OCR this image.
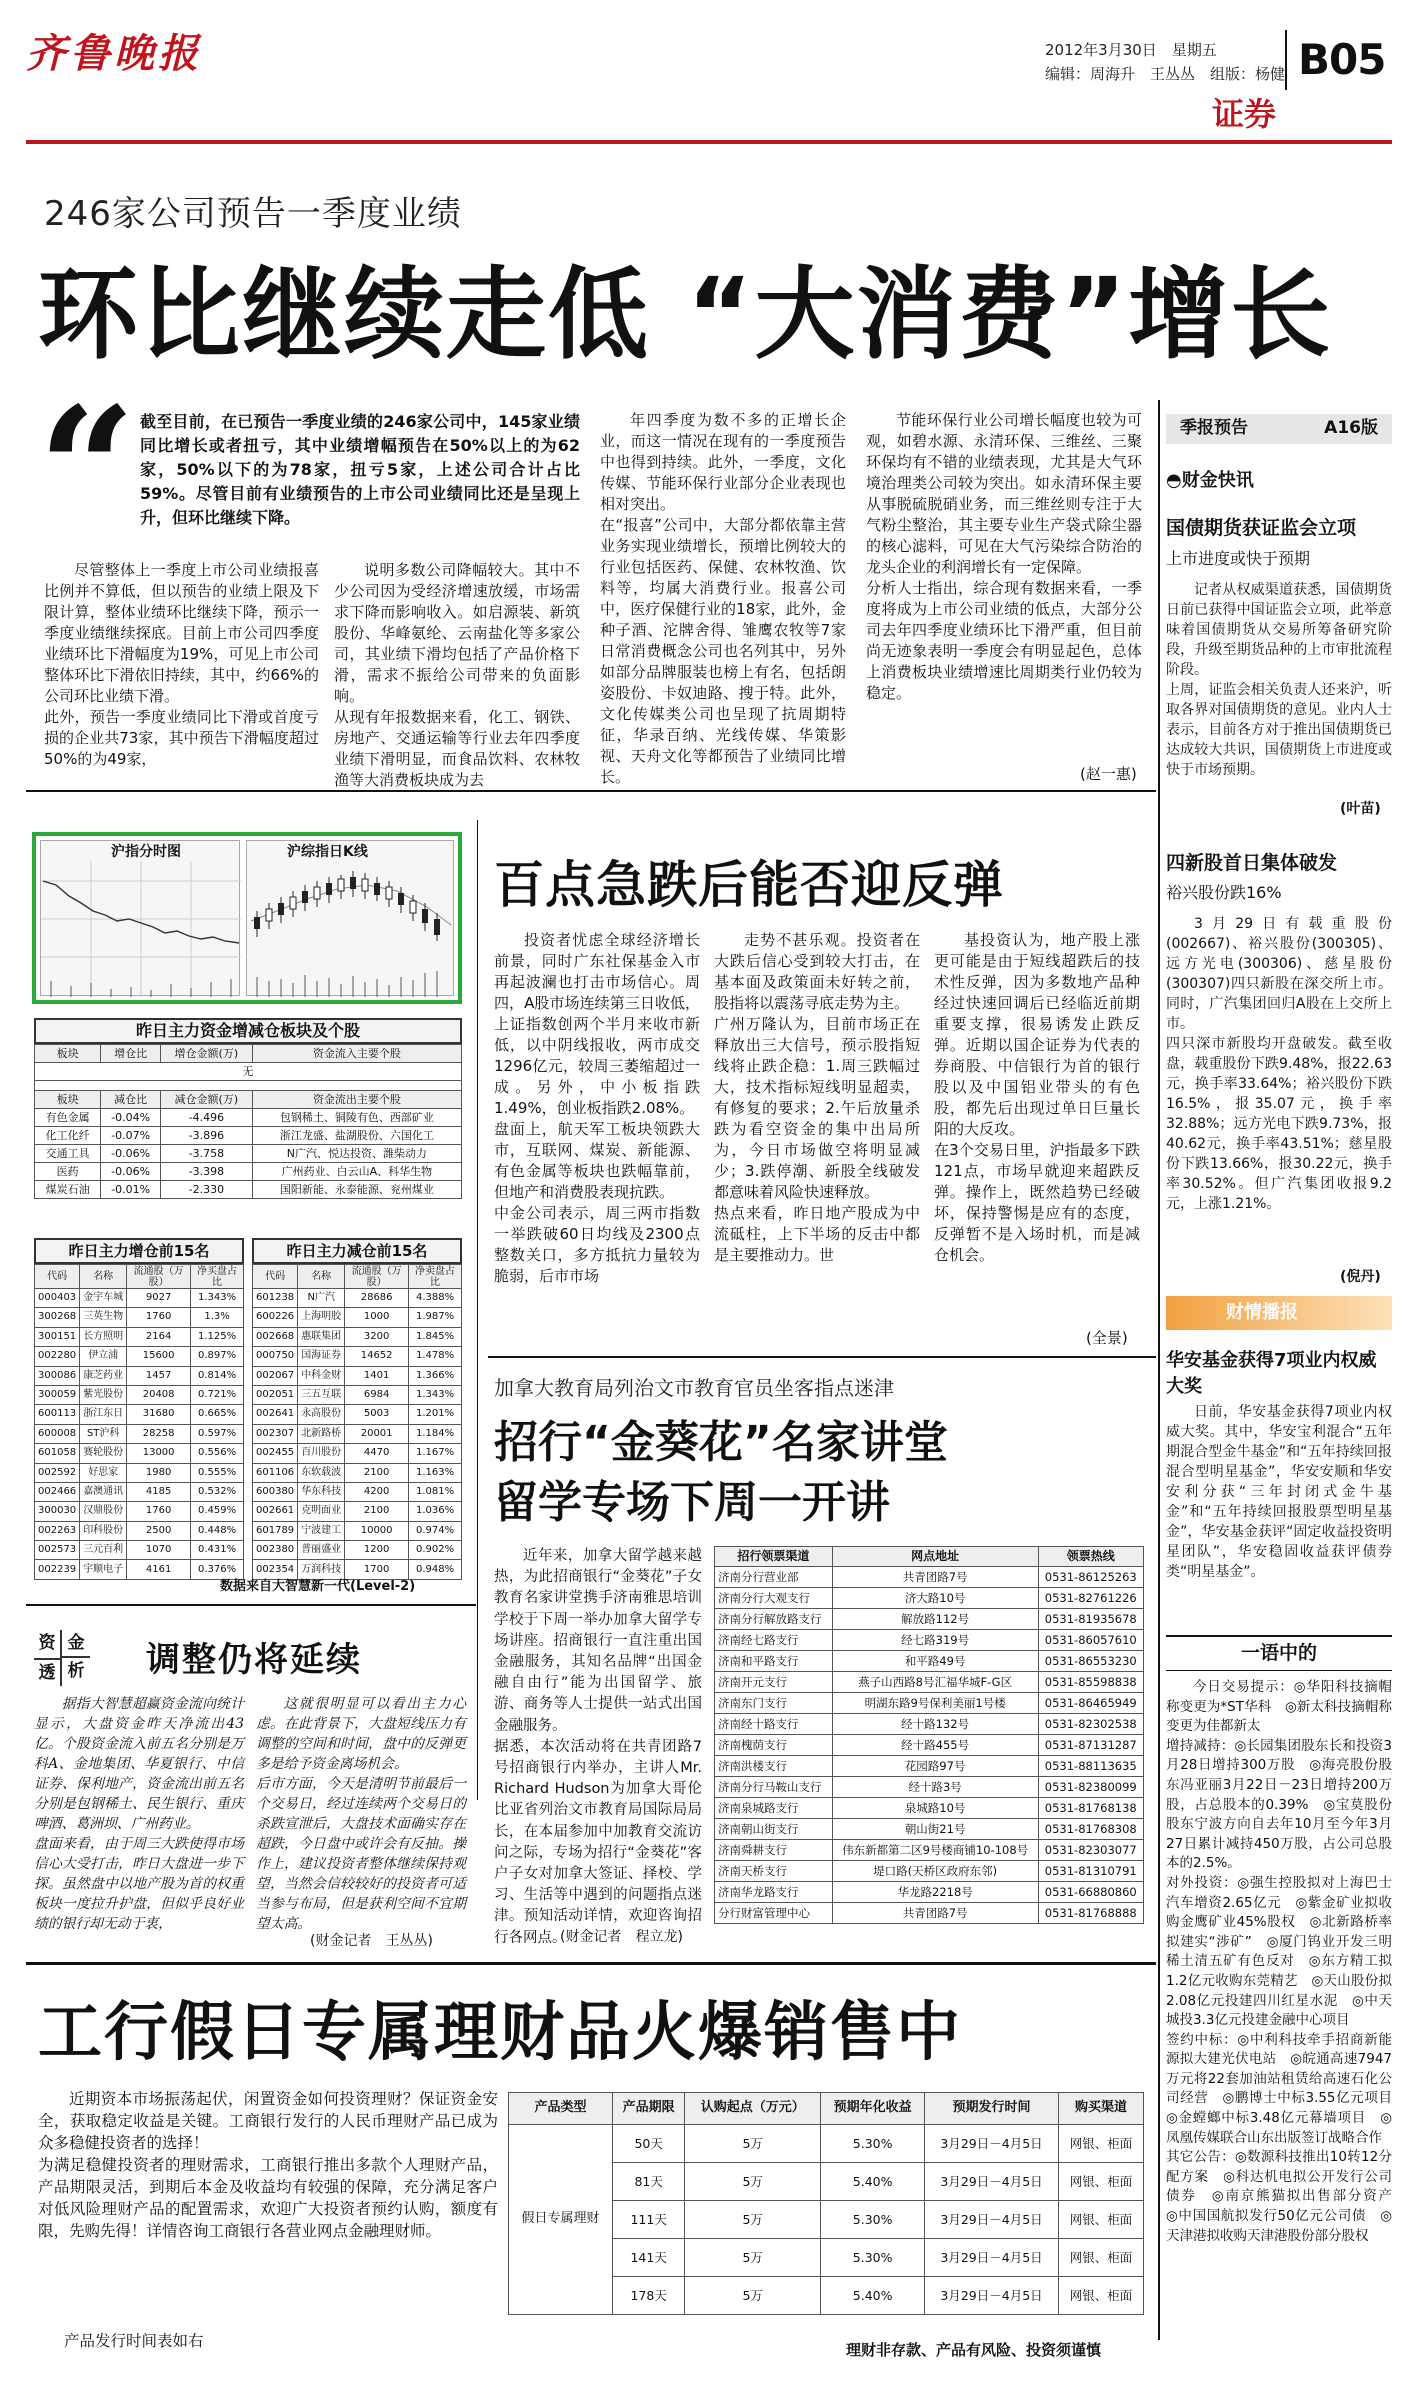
齐鲁晚报	2012年3月30日　 星期五
编辑：周海升　王丛丛　组版：杨健 B05
证券
246家公司预告一季度业绩
环比继续走低 “大消费”增长
“ 截至目前，在已预告一季度业绩的246家公司中，145家业绩同比增长或者扭亏，其中业绩增幅预告在50%以上的为62家，50%以下的为78家，扭亏5家，上述公司合计占比59%。尽管目前有业绩预告的上市公司业绩同比还是呈现上升，但环比继续下降。
尽管整体上一季度上市公司业绩报喜比例并不算低，但以预告的业绩上限及下限计算，整体业绩环比继续下降，预示一季度业绩继续探底。目前上市公司四季度业绩环比下滑幅度为19%，可见上市公司整体环比下滑依旧持续，其中，约66%的公司环比业绩下滑。
此外，预告一季度业绩同比下滑或首度亏损的企业共73家，其中预告下滑幅度超过50%的为49家，
说明多数公司降幅较大。其中不少公司因为受经济增速放缓，市场需求下降而影响收入。如启源装、新筑股份、华峰氨纶、云南盐化等多家公司，其业绩下滑均包括了产品价格下滑，需求不振给公司带来的负面影响。
从现有年报数据来看，化工、钢铁、房地产、交通运输等行业去年四季度业绩下滑明显，而食品饮料、农林牧渔等大消费板块成为去
年四季度为数不多的正增长企业，而这一情况在现有的一季度预告中也得到持续。此外，一季度，文化传媒、节能环保行业部分企业表现也相对突出。
在“报喜”公司中，大部分都依靠主营业务实现业绩增长，预增比例较大的行业包括医药、保健、农林牧渔、饮料等，均属大消费行业。报喜公司中，医疗保健行业的18家，此外，金种子酒、沱牌舍得、雏鹰农牧等7家日常消费概念公司也名列其中，另外如部分品牌服装也榜上有名，包括朗姿股份、卡奴迪路、搜于特。此外，文化传媒类公司也呈现了抗周期特征，华录百纳、光线传媒、华策影视、天舟文化等都预告了业绩同比增长。
节能环保行业公司增长幅度也较为可观，如碧水源、永清环保、三维丝、三聚环保均有不错的业绩表现，尤其是大气环境治理类公司较为突出。如永清环保主要从事脱硫脱硝业务，而三维丝则专注于大气粉尘整治，其主要专业生产袋式除尘器的核心滤料，可见在大气污染综合防治的龙头企业的利润增长有一定保障。
分析人士指出，综合现有数据来看，一季度将成为上市公司业绩的低点，大部分公司去年四季度业绩环比下滑严重，但目前尚无迹象表明一季度会有明显起色，总体上消费板块业绩增速比周期类行业仍较为稳定。
(赵一惠)
季报预告	A16版
◓财金快讯
国债期货获证监会立项
上市进度或快于预期
记者从权威渠道获悉，国债期货日前已获得中国证监会立项，此举意味着国债期货从交易所筹备研究阶段，升级至期货品种的上市审批流程阶段。
上周，证监会相关负责人还来沪，听取各界对国债期货的意见。业内人士表示，目前各方对于推出国债期货已达成较大共识，国债期货上市进度或快于市场预期。
(叶苗)
四新股首日集体破发
裕兴股份跌16%
3月29日有载重股份(002667)、裕兴股份(300305)、远方光电(300306)、慈星股份(300307)四只新股在深交所上市。同时，广汽集团回归A股在上交所上市。
四只深市新股均开盘破发。截至收盘，载重股份下跌9.48%，报22.63元，换手率33.64%；裕兴股份下跌16.5%，报35.07元，换手率32.88%；远方光电下跌9.73%，报40.62元，换手率43.51%；慈星股份下跌13.66%，报30.22元，换手率30.52%。但广汽集团收报9.2元，上涨1.21%。
(倪丹)
财情播报
华安基金获得7项业内权威大奖
日前，华安基金获得7项业内权威大奖。其中，华安宝利混合“五年期混合型金牛基金”和“五年持续回报混合型明星基金”，华安安顺和华安安利分获“三年封闭式金牛基金”和“五年持续回报股票型明星基金”，华安基金获评“固定收益投资明星团队”，华安稳固收益获评债券类“明星基金”。
一语中的
今日交易提示：◎华阳科技摘帽称变更为*ST华科　◎新太科技摘帽称变更为佳都新太
增持减持：◎长园集团股东长和投资3月28日增持300万股　◎海亮股份股东冯亚丽3月22日－23日增持200万股，占总股本的0.39%　◎宝莫股份股东宁波方向自去年10月至今年3月27日累计减持450万股，占公司总股本的2.5%。
对外投资：◎强生控股拟对上海巴士汽车增资2.65亿元　◎紫金矿业拟收购金鹰矿业45%股权　◎北新路桥率拟建实“涉矿”　◎厦门钨业开发三明稀土清五矿有色反对　◎东方精工拟1.2亿元收购东莞精艺　◎天山股份拟2.08亿元投建四川红星水泥　◎中天城投3.3亿元投建金融中心项目
签约中标：◎中利科技牵手招商新能源拟大建光伏电站　◎皖通高速7947万元将22套加油站租赁给高速石化公司经营　◎鹏博士中标3.55亿元项目　◎金螳螂中标3.48亿元幕墙项目　◎凤凰传媒联合山东出版签订战略合作
其它公告：◎数源科技推出10转12分配方案　◎科达机电拟公开发行公司债券　◎南京熊猫拟出售部分资产　◎中国国航拟发行50亿元公司债　◎天津港拟收购天津港股份部分股权
沪指分时图	沪综指日K线
百点急跌后能否迎反弹
投资者忧虑全球经济增长前景，同时广东社保基金入市再起波澜也打击市场信心。周四，A股市场连续第三日收低，上证指数创两个半月来收市新低，以中阴线报收，两市成交1296亿元，较周三萎缩超过一成。另外，中小板指跌1.49%，创业板指跌2.08%。
盘面上，航天军工板块领跌大市，互联网、煤炭、新能源、有色金属等板块也跌幅靠前，但地产和消费股表现抗跌。
中金公司表示，周三两市指数一举跌破60日均线及2300点整数关口，多方抵抗力量较为脆弱，后市市场
走势不甚乐观。投资者在大跌后信心受到较大打击，在基本面及政策面未好转之前，股指将以震荡寻底走势为主。
广州万隆认为，目前市场正在释放出三大信号，预示股指短线将止跌企稳：1.周三跌幅过大，技术指标短线明显超卖，有修复的要求；2.午后放量杀跌为看空资金的集中出局所为，今日市场做空将明显减少；3.跌停潮、新股全线破发都意味着风险快速释放。
热点来看，昨日地产股成为中流砥柱，上下半场的反击中都是主要推动力。世
基投资认为，地产股上涨更可能是由于短线超跌后的技术性反弹，因为多数地产品种经过快速回调后已经临近前期重要支撑，很易诱发止跌反弹。近期以国企证券为代表的券商股、中信银行为首的银行股以及中国铝业带头的有色股，都先后出现过单日巨量长阳的大反攻。
在3个交易日里，沪指最多下跌121点，市场早就迎来超跌反弹。操作上，既然趋势已经破坏，保持警惕是应有的态度，反弹暂不是入场时机，而是减仓机会。
(全景)
昨日主力资金增减仓板块及个股
板块	增仓比	增仓金额(万)	资金流入主要个股
无			

板块	减仓比	减仓金额(万)	资金流出主要个股
有色金属	-0.04%	-4.496	包钢稀土、铜陵有色、西部矿业
化工化纤	-0.07%	-3.896	浙江龙盛、盐湖股份、六国化工
交通工具	-0.06%	-3.758	N广汽、悦达投资、潍柴动力
医药	-0.06%	-3.398	广州药业、白云山A、科华生物
煤炭石油	-0.01%	-2.330	国阳新能、永泰能源、兖州煤业
昨日主力增仓前15名
代码	名称	流通股（万股）	净买盘占比
000403	金宇车城	9027	1.343%
300268	三英生物	1760	1.3%
300151	长方照明	2164	1.125%
002280	伊立浦	15600	0.897%
300086	康芝药业	1457	0.814%
300059	紫光股份	20408	0.721%
600113	浙江东日	31680	0.665%
600008	ST沪科	28258	0.597%
601058	赛轮股份	13000	0.556%
002592	好思家	1980	0.555%
002466	嘉澳通讯	4185	0.532%
300030	汉鼎股份	1760	0.459%
002263	印科股份	2500	0.448%
002573	三元百利	1070	0.431%
002239	宇顺电子	4161	0.376%
昨日主力减仓前15名
代码	名称	流通股（万股）	净卖盘占比
601238	N广汽	28686	4.388%
600226	上海明胶	1000	1.987%
002668	惠联集团	3200	1.845%
000750	国海证券	14652	1.478%
002067	中科金财	1401	1.366%
002051	三五互联	6984	1.343%
002641	永高股份	5003	1.201%
002307	北新路桥	20001	1.184%
002455	百川股份	4470	1.167%
601106	东软载波	2100	1.163%
600380	华东科技	4200	1.081%
002661	克明面业	2100	1.036%
601789	宁波建工	10000	0.974%
002380	普丽盛业	1200	0.902%
002354	万润科技	1700	0.948%
数据来自大智慧新一代(Level-2)
资 金
透 析 调整仍将延续
据指大智慧超赢资金流向统计显示，大盘资金昨天净流出43亿。个股资金流入前五名分别是万科A、金地集团、华夏银行、中信证券、保利地产，资金流出前五名分别是包钢稀土、民生银行、重庆啤酒、葛洲坝、广州药业。
盘面来看，由于周三大跌使得市场信心大受打击，昨日大盘进一步下探。虽然盘中以地产股为首的权重板块一度拉升护盘，但似乎良好业绩的银行却无动于衷，
这就很明显可以看出主力心虑。在此背景下，大盘短线压力有调整的空间和时间，盘中的反弹更多是给予资金离场机会。
后市方面，今天是清明节前最后一个交易日，经过连续两个交易日的杀跌宣泄后，大盘技术面确实存在超跌，今日盘中或许会有反抽。操作上，建议投资者整体继续保持观望，当然会信较较好的投资者可适当参与布局，但是获利空间不宜期望太高。
(财金记者　王丛丛)
加拿大教育局列治文市教育官员坐客指点迷津
招行“金葵花”名家讲堂
留学专场下周一开讲
近年来，加拿大留学越来越热，为此招商银行“金葵花”子女教育名家讲堂携手济南雅思培训学校于下周一举办加拿大留学专场讲座。招商银行一直注重出国金融服务，其知名品牌“出国金融自由行”能为出国留学、旅游、商务等人士提供一站式出国金融服务。
据悉，本次活动将在共青团路7号招商银行内举办，主讲人Mr. Richard Hudson为加拿大哥伦比亚省列治文市教育局国际局局长，在本届参加中加教育交流访问之际，专场为招行“金葵花”客户子女对加拿大签证、择校、学习、生活等中遇到的问题指点迷津。预知活动详情，欢迎咨询招行各网点。
(财金记者　程立龙)
招行领票渠道	网点地址	领票热线
济南分行营业部	共青团路7号	0531-86125263
济南分行大观支行	济大路10号	0531-82761226
济南分行解放路支行	解放路112号	0531-81935678
济南经七路支行	经七路319号	0531-86057610
济南和平路支行	和平路49号	0531-86553230
济南开元支行	燕子山西路8号汇福华城F-G区	0531-85598838
济南东门支行	明湖东路9号保利美丽1号楼	0531-86465949
济南经十路支行	经十路132号	0531-82302538
济南槐荫支行	经十路455号	0531-87131287
济南洪楼支行	花园路97号	0531-88113635
济南分行马鞍山支行	经十路3号	0531-82380099
济南泉城路支行	泉城路10号	0531-81768138
济南朝山街支行	朝山街21号	0531-81768308
济南舜耕支行	伟东新都第二区9号楼商铺10-108号	0531-82303077
济南天桥支行	堤口路(天桥区政府东邻)	0531-81310791
济南华龙路支行	华龙路2218号	0531-66880860
分行财富管理中心	共青团路7号	0531-81768888
工行假日专属理财品火爆销售中
近期资本市场振荡起伏，闲置资金如何投资理财？保证资金安全，获取稳定收益是关键。工商银行发行的人民币理财产品已成为众多稳健投资者的选择！
为满足稳健投资者的理财需求，工商银行推出多款个人理财产品，产品期限灵活，到期后本金及收益均有较强的保障，充分满足客户对低风险理财产品的配置需求，欢迎广大投资者预约认购，额度有限，先购先得！详情咨询工商银行各营业网点金融理财师。
产品发行时间表如右
产品类型	产品期限	认购起点（万元）	预期年化收益	预期发行时间	购买渠道
假日专属理财	50天	5万	5.30%	3月29日－4月5日	网银、柜面
	81天	5万	5.40%	3月29日－4月5日	网银、柜面
	111天	5万	5.30%	3月29日－4月5日	网银、柜面
	141天	5万	5.30%	3月29日－4月5日	网银、柜面
	178天	5万	5.40%	3月29日－4月5日	网银、柜面
理财非存款、产品有风险、投资须谨慎
